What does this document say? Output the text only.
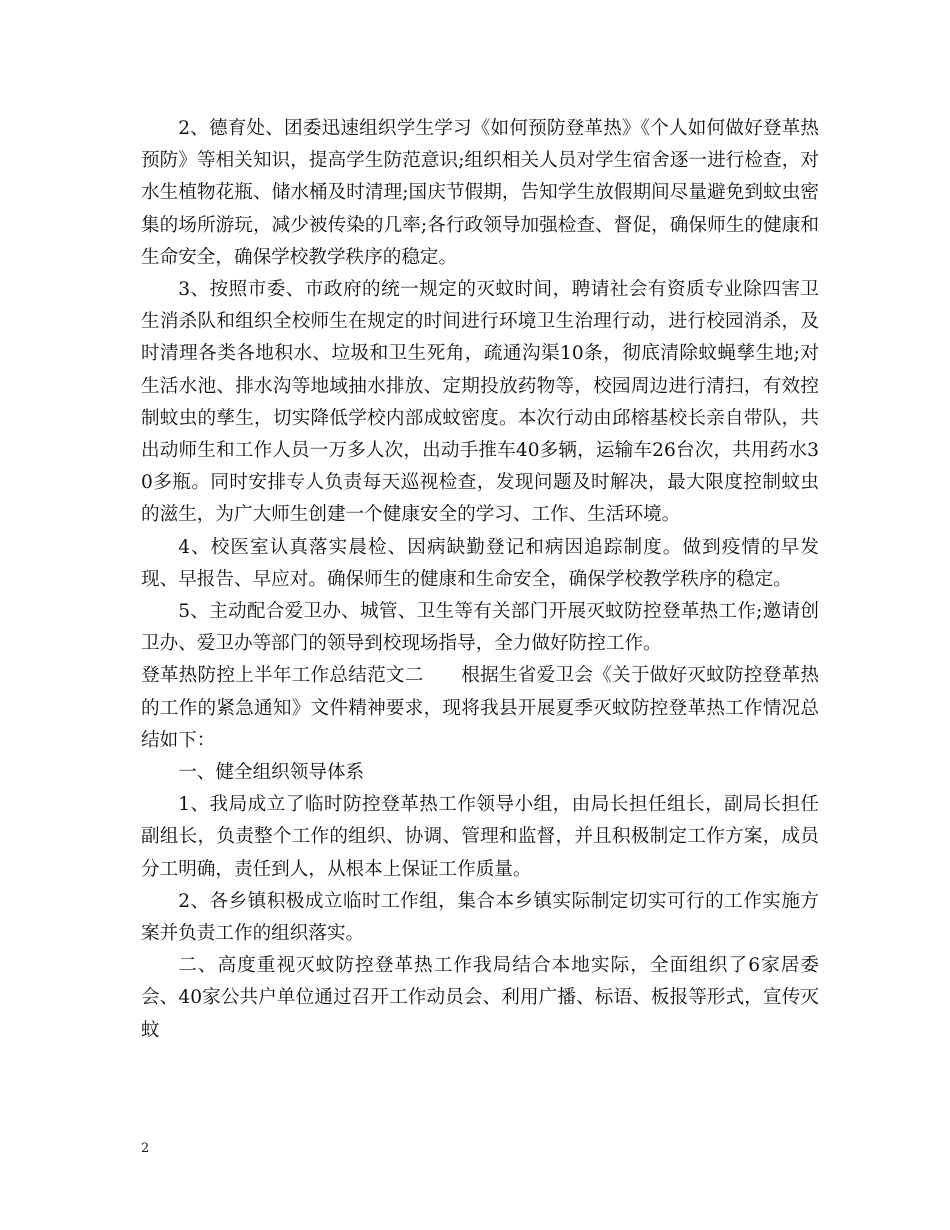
2、德育处、团委迅速组织学生学习《如何预防登革热》《个人如何做好登革热预防》等相关知识，提高学生防范意识;组织相关人员对学生宿舍逐一进行检查，对水生植物花瓶、储水桶及时清理;国庆节假期，告知学生放假期间尽量避免到蚊虫密集的场所游玩，减少被传染的几率;各行政领导加强检查、督促，确保师生的健康和生命安全，确保学校教学秩序的稳定。

3、按照市委、市政府的统一规定的灭蚊时间，聘请社会有资质专业除四害卫生消杀队和组织全校师生在规定的时间进行环境卫生治理行动，进行校园消杀，及时清理各类各地积水、垃圾和卫生死角，疏通沟渠10条，彻底清除蚊蝇孳生地;对生活水池、排水沟等地域抽水排放、定期投放药物等，校园周边进行清扫，有效控制蚊虫的孳生，切实降低学校内部成蚊密度。本次行动由邱榕基校长亲自带队，共出动师生和工作人员一万多人次，出动手推车40多辆，运输车26台次，共用药水30多瓶。同时安排专人负责每天巡视检查，发现问题及时解决，最大限度控制蚊虫的滋生，为广大师生创建一个健康安全的学习、工作、生活环境。

4、校医室认真落实晨检、因病缺勤登记和病因追踪制度。做到疫情的早发现、早报告、早应对。确保师生的健康和生命安全，确保学校教学秩序的稳定。

5、主动配合爱卫办、城管、卫生等有关部门开展灭蚊防控登革热工作;邀请创卫办、爱卫办等部门的领导到校现场指导，全力做好防控工作。

登革热防控上半年工作总结范文二　　根据生省爱卫会《关于做好灭蚊防控登革热的工作的紧急通知》文件精神要求，现将我县开展夏季灭蚊防控登革热工作情况总结如下：

一、健全组织领导体系

1、我局成立了临时防控登革热工作领导小组，由局长担任组长，副局长担任副组长，负责整个工作的组织、协调、管理和监督，并且积极制定工作方案，成员分工明确，责任到人，从根本上保证工作质量。

2、各乡镇积极成立临时工作组，集合本乡镇实际制定切实可行的工作实施方案并负责工作的组织落实。

二、高度重视灭蚊防控登革热工作我局结合本地实际，全面组织了6家居委会、40家公共户单位通过召开工作动员会、利用广播、标语、板报等形式，宣传灭蚊

2
